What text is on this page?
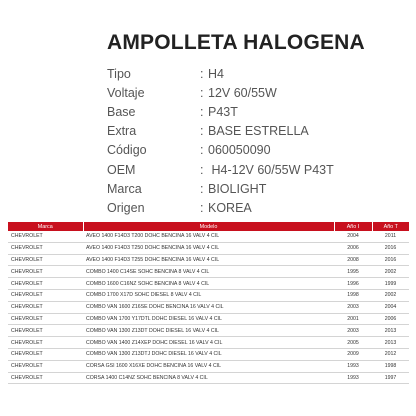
AMPOLLETA HALOGENA
Tipo	: H4
Voltaje	: 12V 60/55W
Base	: P43T
Extra	: BASE ESTRELLA
Código	: 060050090
OEM	: H4-12V 60/55W P43T
Marca	: BIOLIGHT
Origen	: KOREA
Marca	Modelo	Año I	Año T
CHEVROLET	AVEO 1400 F14D3 T200 DOHC BENCINA 16 VALV 4 CIL	2004	2011
CHEVROLET	AVEO 1400 F14D3 T250 DOHC BENCINA 16 VALV 4 CIL	2006	2016
CHEVROLET	AVEO 1400 F14D3 T255 DOHC BENCINA 16 VALV 4 CIL	2008	2016
CHEVROLET	COMBO 1400 C14SE SOHC BENCINA 8 VALV 4 CIL	1995	2002
CHEVROLET	COMBO 1600 C16NZ SOHC BENCINA 8 VALV 4 CIL	1996	1999
CHEVROLET	COMBO 1700 X17D SOHC DIESEL 8 VALV 4 CIL	1998	2002
CHEVROLET	COMBO VAN 1600 Z16SE DOHC BENCINA 16 VALV 4 CIL	2003	2004
CHEVROLET	COMBO VAN 1700 Y17DTL DOHC DIESEL 16 VALV 4 CIL	2001	2006
CHEVROLET	COMBO VAN 1300 Z13DT DOHC DIESEL 16 VALV 4 CIL	2003	2013
CHEVROLET	COMBO VAN 1400 Z14XEP DOHC DIESEL 16 VALV 4 CIL	2005	2013
CHEVROLET	COMBO VAN 1300 Z13DTJ DOHC DIESEL 16 VALV 4 CIL	2009	2012
CHEVROLET	CORSA GSI 1600 X16XE DOHC BENCINA 16 VALV 4 CIL	1993	1998
CHEVROLET	CORSA 1400 C14NZ SOHC BENCINA 8 VALV 4 CIL	1993	1997
